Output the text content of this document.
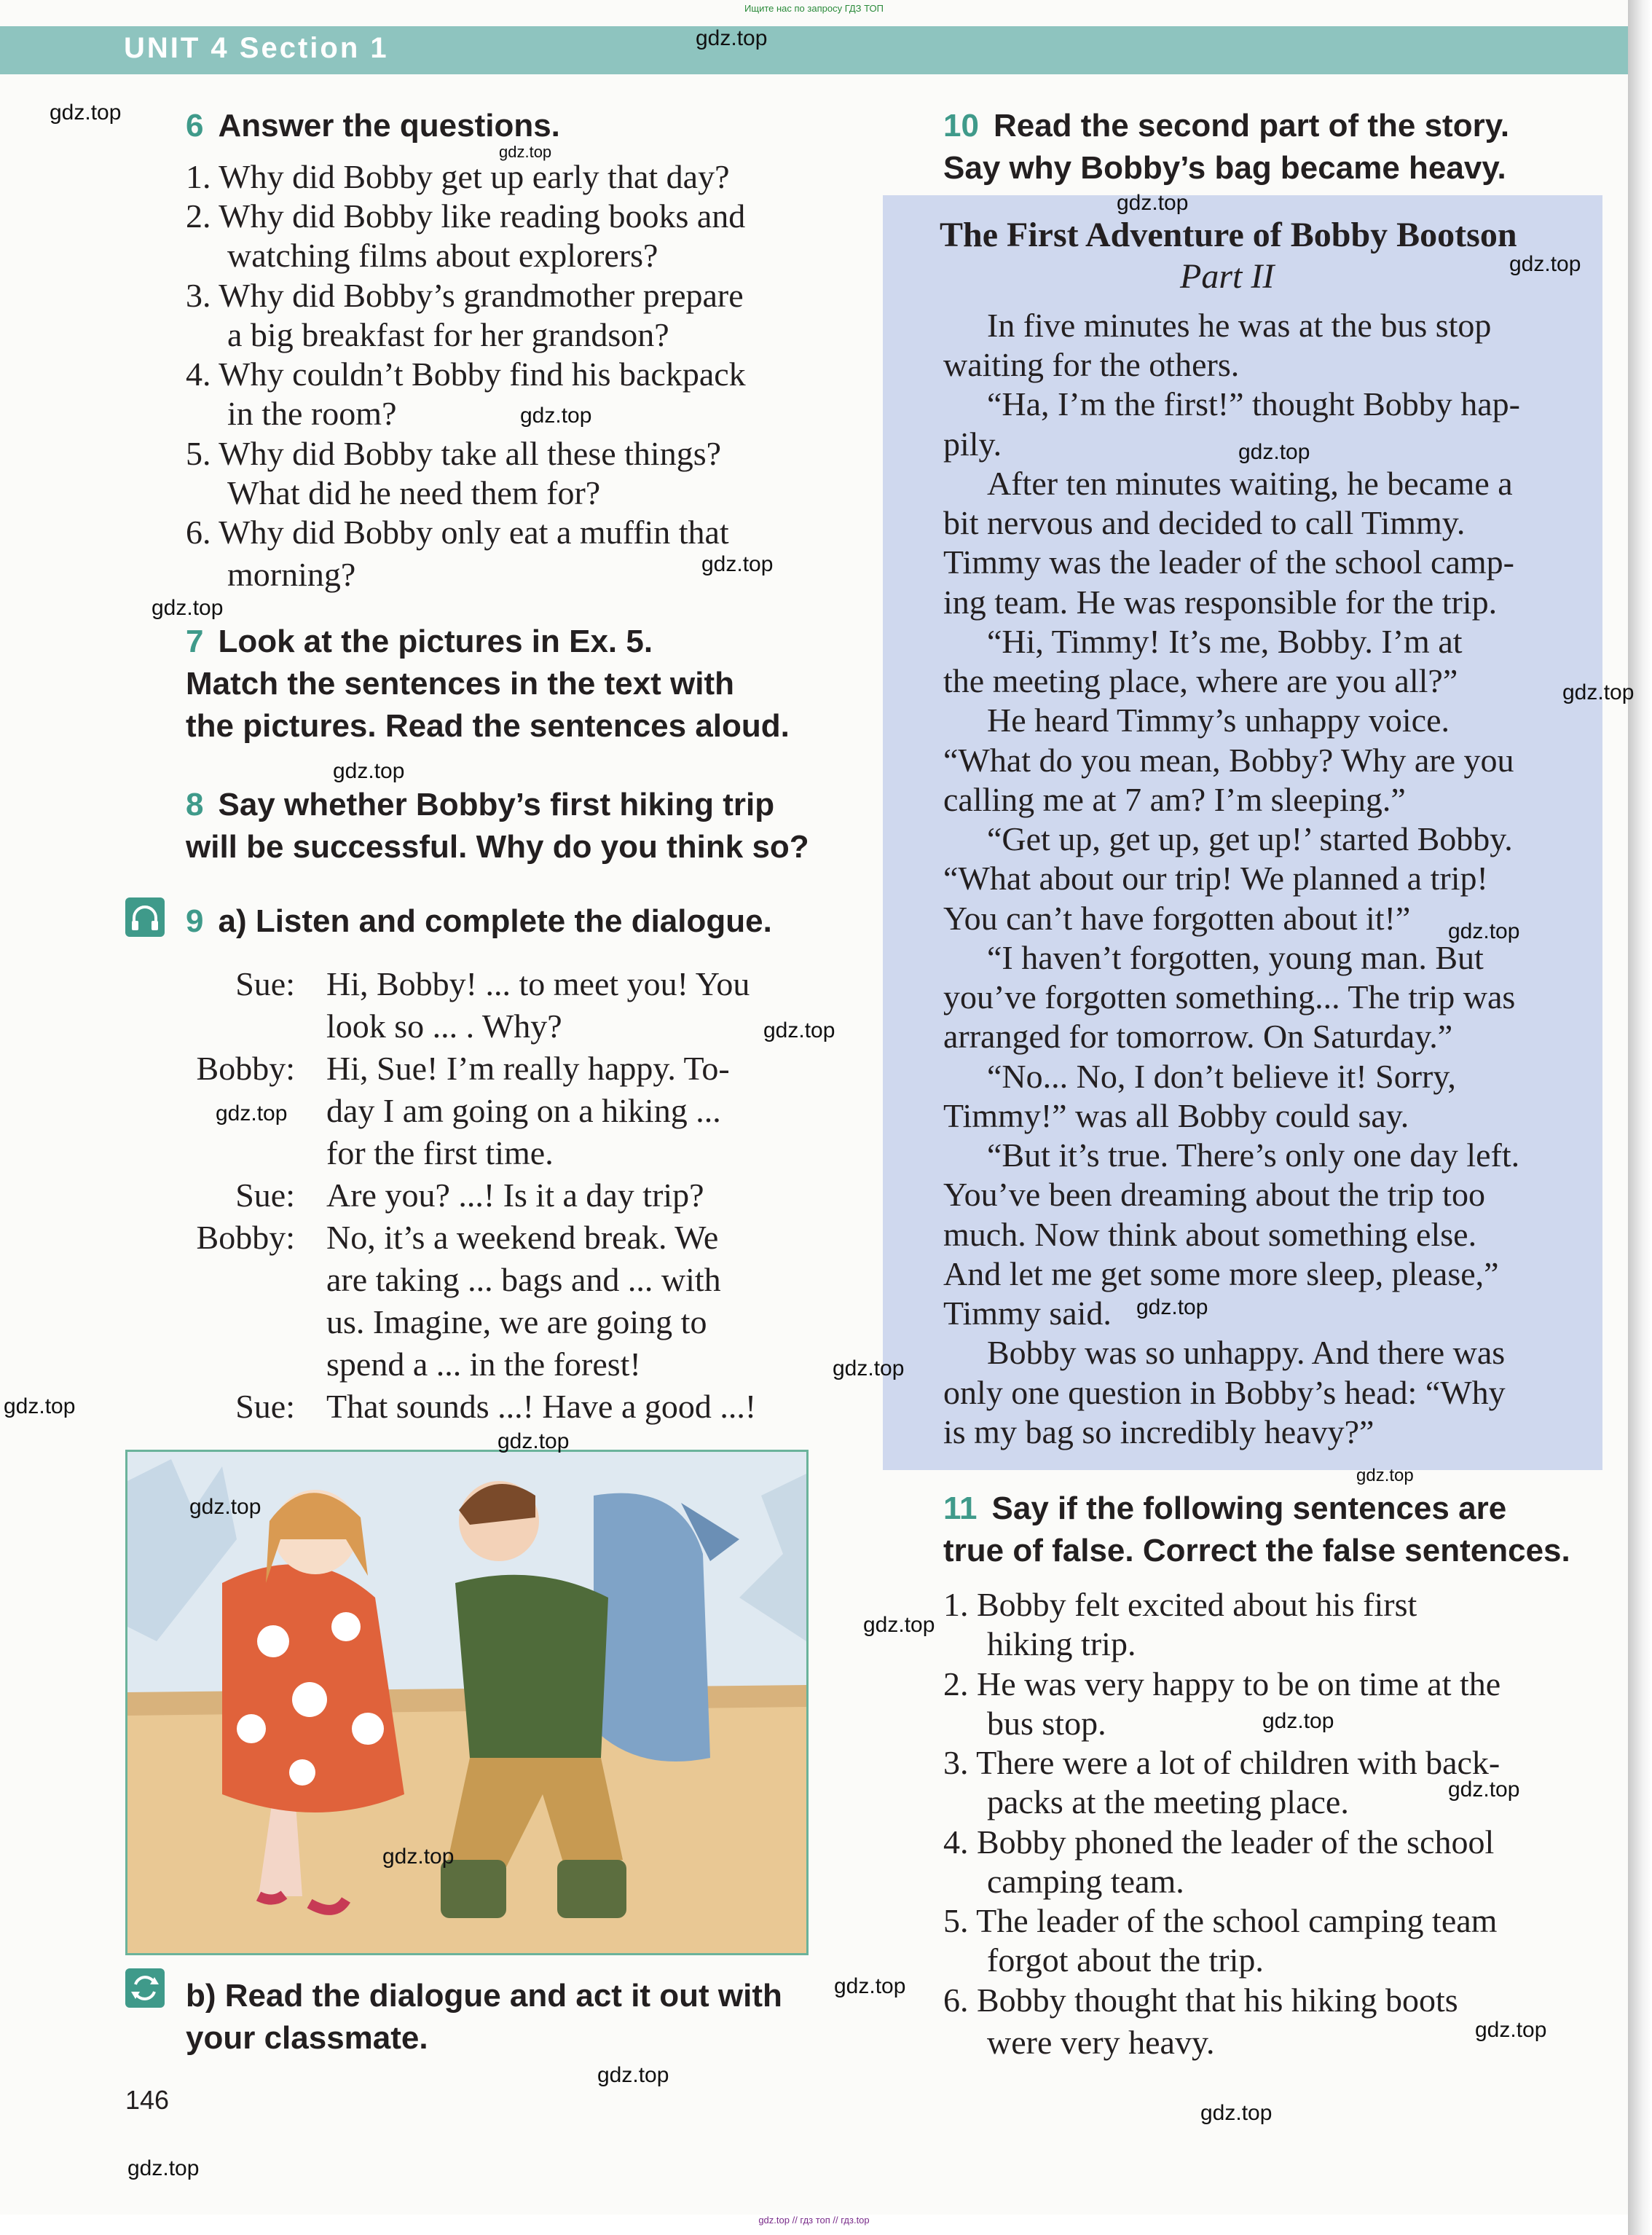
Ищите нас по запросу ГДЗ ТОП
UNIT 4 Section 1
6 Answer the questions.
1. Why did Bobby get up early that day?
2. Why did Bobby like reading books and
watching films about explorers?
3. Why did Bobby’s grandmother prepare
a big breakfast for her grandson?
4. Why couldn’t Bobby find his backpack
in the room?
5. Why did Bobby take all these things?
What did he need them for?
6. Why did Bobby only eat a muffin that
morning?
7 Look at the pictures in Ex. 5.
Match the sentences in the text with
the pictures. Read the sentences aloud.
8 Say whether Bobby’s first hiking trip
will be successful. Why do you think so?
9 a) Listen and complete the dialogue.
Sue: Hi, Bobby! ... to meet you! You
look so ... . Why?
Bobby: Hi, Sue! I’m really happy. To-
day I am going on a hiking ...
for the first time.
Sue: Are you? ...! Is it a day trip?
Bobby: No, it’s a weekend break. We
are taking ... bags and ... with
us. Imagine, we are going to
spend a ... in the forest!
Sue: That sounds ...! Have a good ...!
b) Read the dialogue and act it out with
your classmate.
146
10 Read the second part of the story.
Say why Bobby’s bag became heavy.
The First Adventure of Bobby Bootson
Part II
In five minutes he was at the bus stop
waiting for the others.
“Ha, I’m the first!” thought Bobby hap-
pily.
After ten minutes waiting, he became a
bit nervous and decided to call Timmy.
Timmy was the leader of the school camp-
ing team. He was responsible for the trip.
“Hi, Timmy! It’s me, Bobby. I’m at
the meeting place, where are you all?”
He heard Timmy’s unhappy voice.
“What do you mean, Bobby? Why are you
calling me at 7 am? I’m sleeping.”
“Get up, get up, get up!’ started Bobby.
“What about our trip! We planned a trip!
You can’t have forgotten about it!”
“I haven’t forgotten, young man. But
you’ve forgotten something... The trip was
arranged for tomorrow. On Saturday.”
“No... No, I don’t believe it! Sorry,
Timmy!” was all Bobby could say.
“But it’s true. There’s only one day left.
You’ve been dreaming about the trip too
much. Now think about something else.
And let me get some more sleep, please,”
Timmy said.
Bobby was so unhappy. And there was
only one question in Bobby’s head: “Why
is my bag so incredibly heavy?”
11 Say if the following sentences are
true of false. Correct the false sentences.
1. Bobby felt excited about his first
hiking trip.
2. He was very happy to be on time at the
bus stop.
3. There were a lot of children with back-
packs at the meeting place.
4. Bobby phoned the leader of the school
camping team.
5. The leader of the school camping team
forgot about the trip.
6. Bobby thought that his hiking boots
were very heavy.
gdz.top
gdz.top
gdz.top
gdz.top
gdz.top
gdz.top
gdz.top
gdz.top
gdz.top
gdz.top
gdz.top
gdz.top
gdz.top
gdz.top
gdz.top
gdz.top
gdz.top
gdz.top
gdz.top
gdz.top
gdz.top
gdz.top
gdz.top
gdz.top
gdz.top
gdz.top
gdz.top
gdz.top
gdz.top
gdz.top // гдз топ // гдз.top
